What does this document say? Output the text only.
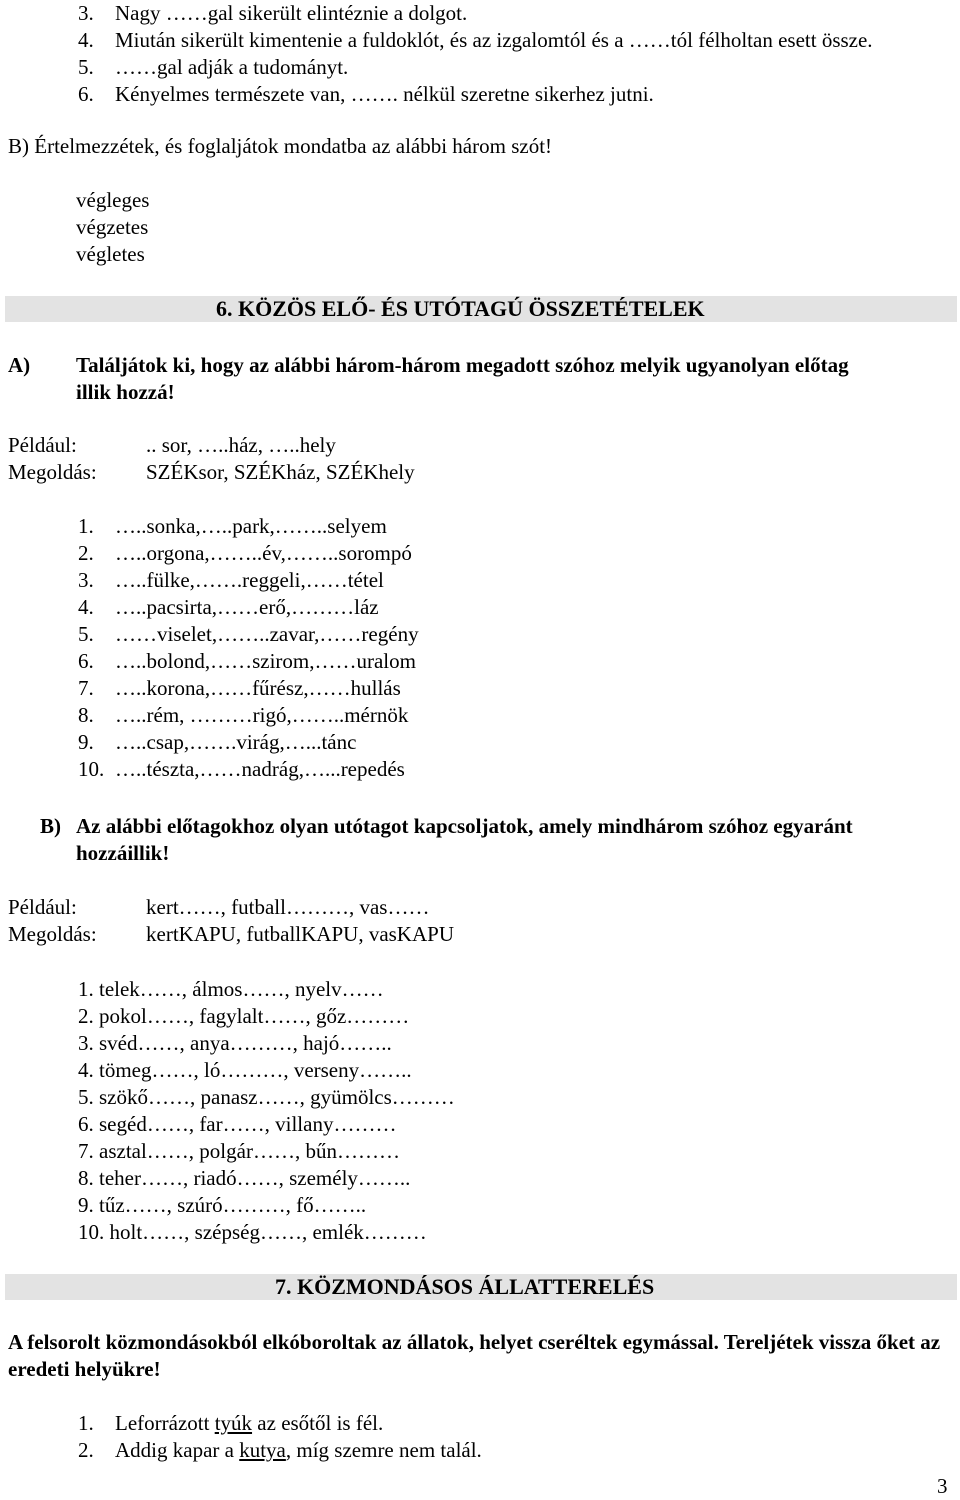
3. Nagy ……gal sikerült elintéznie a dolgot.
4. Miután sikerült kimentenie a fuldoklót, és az izgalomtól és a ……tól félholtan esett össze.
5. ……gal adják a tudományt.
6. Kényelmes természete van, ……. nélkül szeretne sikerhez jutni.
B) Értelmezzétek, és foglaljátok mondatba az alábbi három szót!
végleges
végzetes
végletes
6. KÖZÖS ELŐ- ÉS UTÓTAGÚ ÖSSZETÉTELEK
A) Találjátok ki, hogy az alábbi három-három megadott szóhoz melyik ugyanolyan előtag
illik hozzá!
Például:	.. sor, …..ház, …..hely
Megoldás: SZÉKsor, SZÉKház, SZÉKhely
1. …..sonka,…..park,……..selyem
2. …..orgona,……..év,……..sorompó
3. …..fülke,…….reggeli,……tétel
4. …..pacsirta,……erő,………láz
5. ……viselet,……..zavar,……regény
6. …..bolond,……szirom,……uralom
7. …..korona,……fűrész,……hullás
8. …..rém, ………rigó,……..mérnök
9. …..csap,…….virág,…...tánc
10. …..tészta,……nadrág,…...repedés
B) Az alábbi előtagokhoz olyan utótagot kapcsoljatok, amely mindhárom szóhoz egyaránt
hozzáillik!
Például:	kert……, futball………, vas……
Megoldás: kertKAPU, futballKAPU, vasKAPU
1. telek……, álmos……, nyelv……
2. pokol……, fagylalt……, gőz………
3. svéd……, anya………, hajó……..
4. tömeg……, ló………, verseny……..
5. szökő……, panasz……, gyümölcs………
6. segéd……, far……, villany………
7. asztal……, polgár……, bűn………
8. teher……, riadó……, személy……..
9. tűz……, szúró………, fő……..
10. holt……, szépség……, emlék………
7. KÖZMONDÁSOS ÁLLATTERELÉS
A felsorolt közmondásokból elkóboroltak az állatok, helyet cseréltek egymással. Tereljétek vissza őket az eredeti helyükre!
1. Leforrázott tyúk az esőtől is fél.
2. Addig kapar a kutya, míg szemre nem talál.
3
